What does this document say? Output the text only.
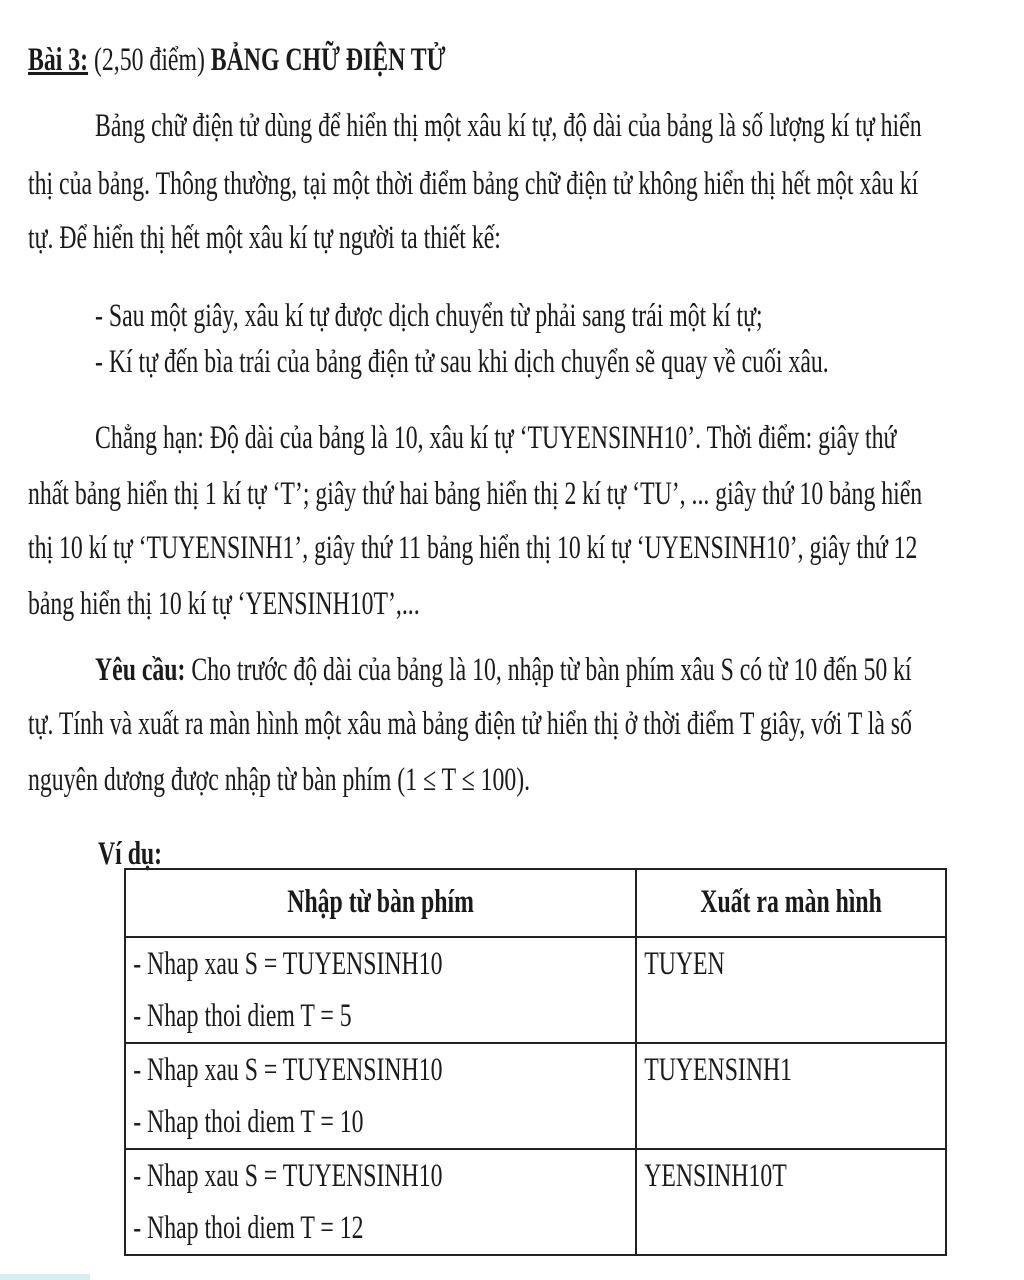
Bài 3: (2,50 điểm) BẢNG CHỮ ĐIỆN TỬ
Bảng chữ điện tử dùng để hiển thị một xâu kí tự, độ dài của bảng là số lượng kí tự hiển
thị của bảng. Thông thường, tại một thời điểm bảng chữ điện tử không hiển thị hết một xâu kí
tự. Để hiển thị hết một xâu kí tự người ta thiết kế:
- Sau một giây, xâu kí tự được dịch chuyển từ phải sang trái một kí tự;
- Kí tự đến bìa trái của bảng điện tử sau khi dịch chuyển sẽ quay về cuối xâu.
Chẳng hạn: Độ dài của bảng là 10, xâu kí tự ‘TUYENSINH10’. Thời điểm: giây thứ
nhất bảng hiển thị 1 kí tự ‘T’; giây thứ hai bảng hiển thị 2 kí tự ‘TU’, ... giây thứ 10 bảng hiển
thị 10 kí tự ‘TUYENSINH1’, giây thứ 11 bảng hiển thị 10 kí tự ‘UYENSINH10’, giây thứ 12
bảng hiển thị 10 kí tự ‘YENSINH10T’,...
Yêu cầu: Cho trước độ dài của bảng là 10, nhập từ bàn phím xâu S có từ 10 đến 50 kí
tự. Tính và xuất ra màn hình một xâu mà bảng điện tử hiển thị ở thời điểm T giây, với T là số
nguyên dương được nhập từ bàn phím (1 ≤ T ≤ 100).
Ví dụ:
Nhập từ bàn phím	Xuất ra màn hình

- Nhap xau S = TUYENSINH10
- Nhap thoi diem T = 5	TUYEN

- Nhap xau S = TUYENSINH10
- Nhap thoi diem T = 10	TUYENSINH1

- Nhap xau S = TUYENSINH10
- Nhap thoi diem T = 12	YENSINH10T
